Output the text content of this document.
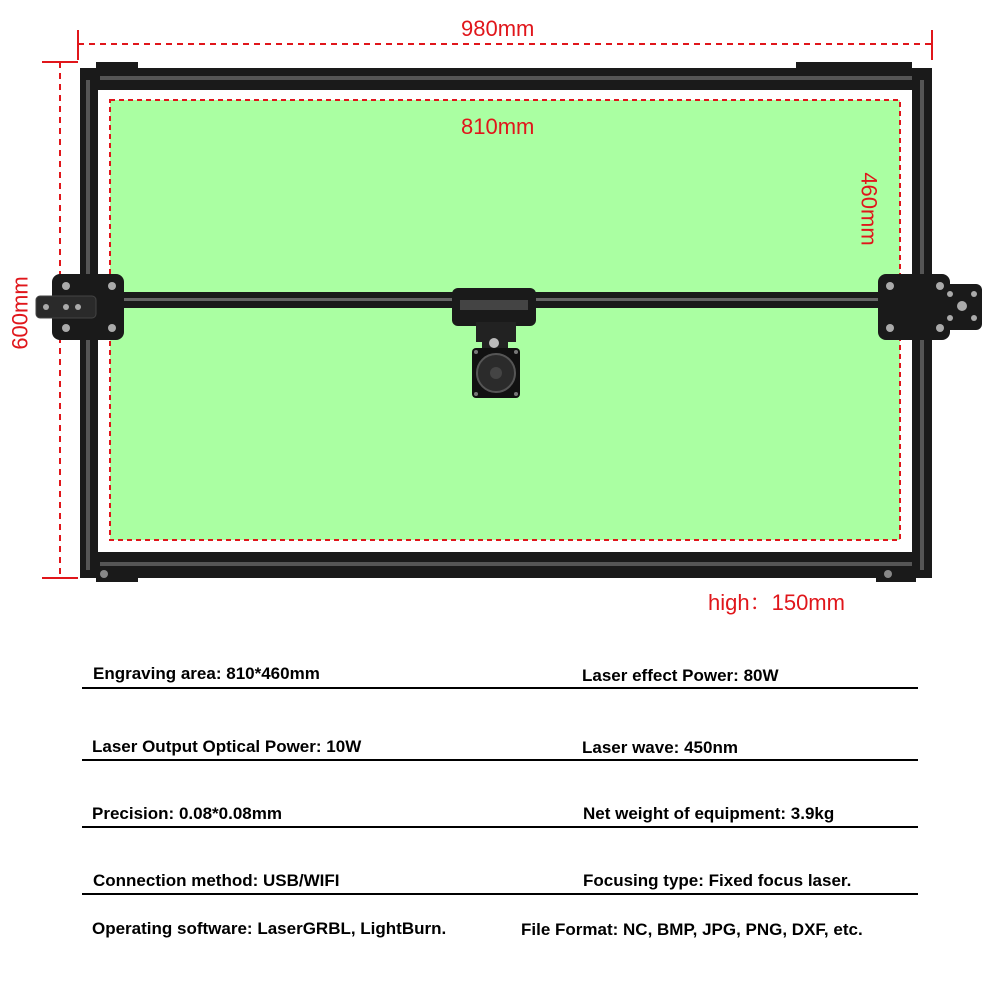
980mm
810mm
460mm
600mm
high：150mm
Engraving area: 810*460mm	Laser effect Power: 80W
Laser Output Optical Power: 10W	Laser wave: 450nm
Precision: 0.08*0.08mm	Net weight of equipment: 3.9kg
Connection method: USB/WIFI	Focusing type: Fixed focus laser.
Operating software: LaserGRBL, LightBurn.	File Format: NC, BMP, JPG, PNG, DXF, etc.
